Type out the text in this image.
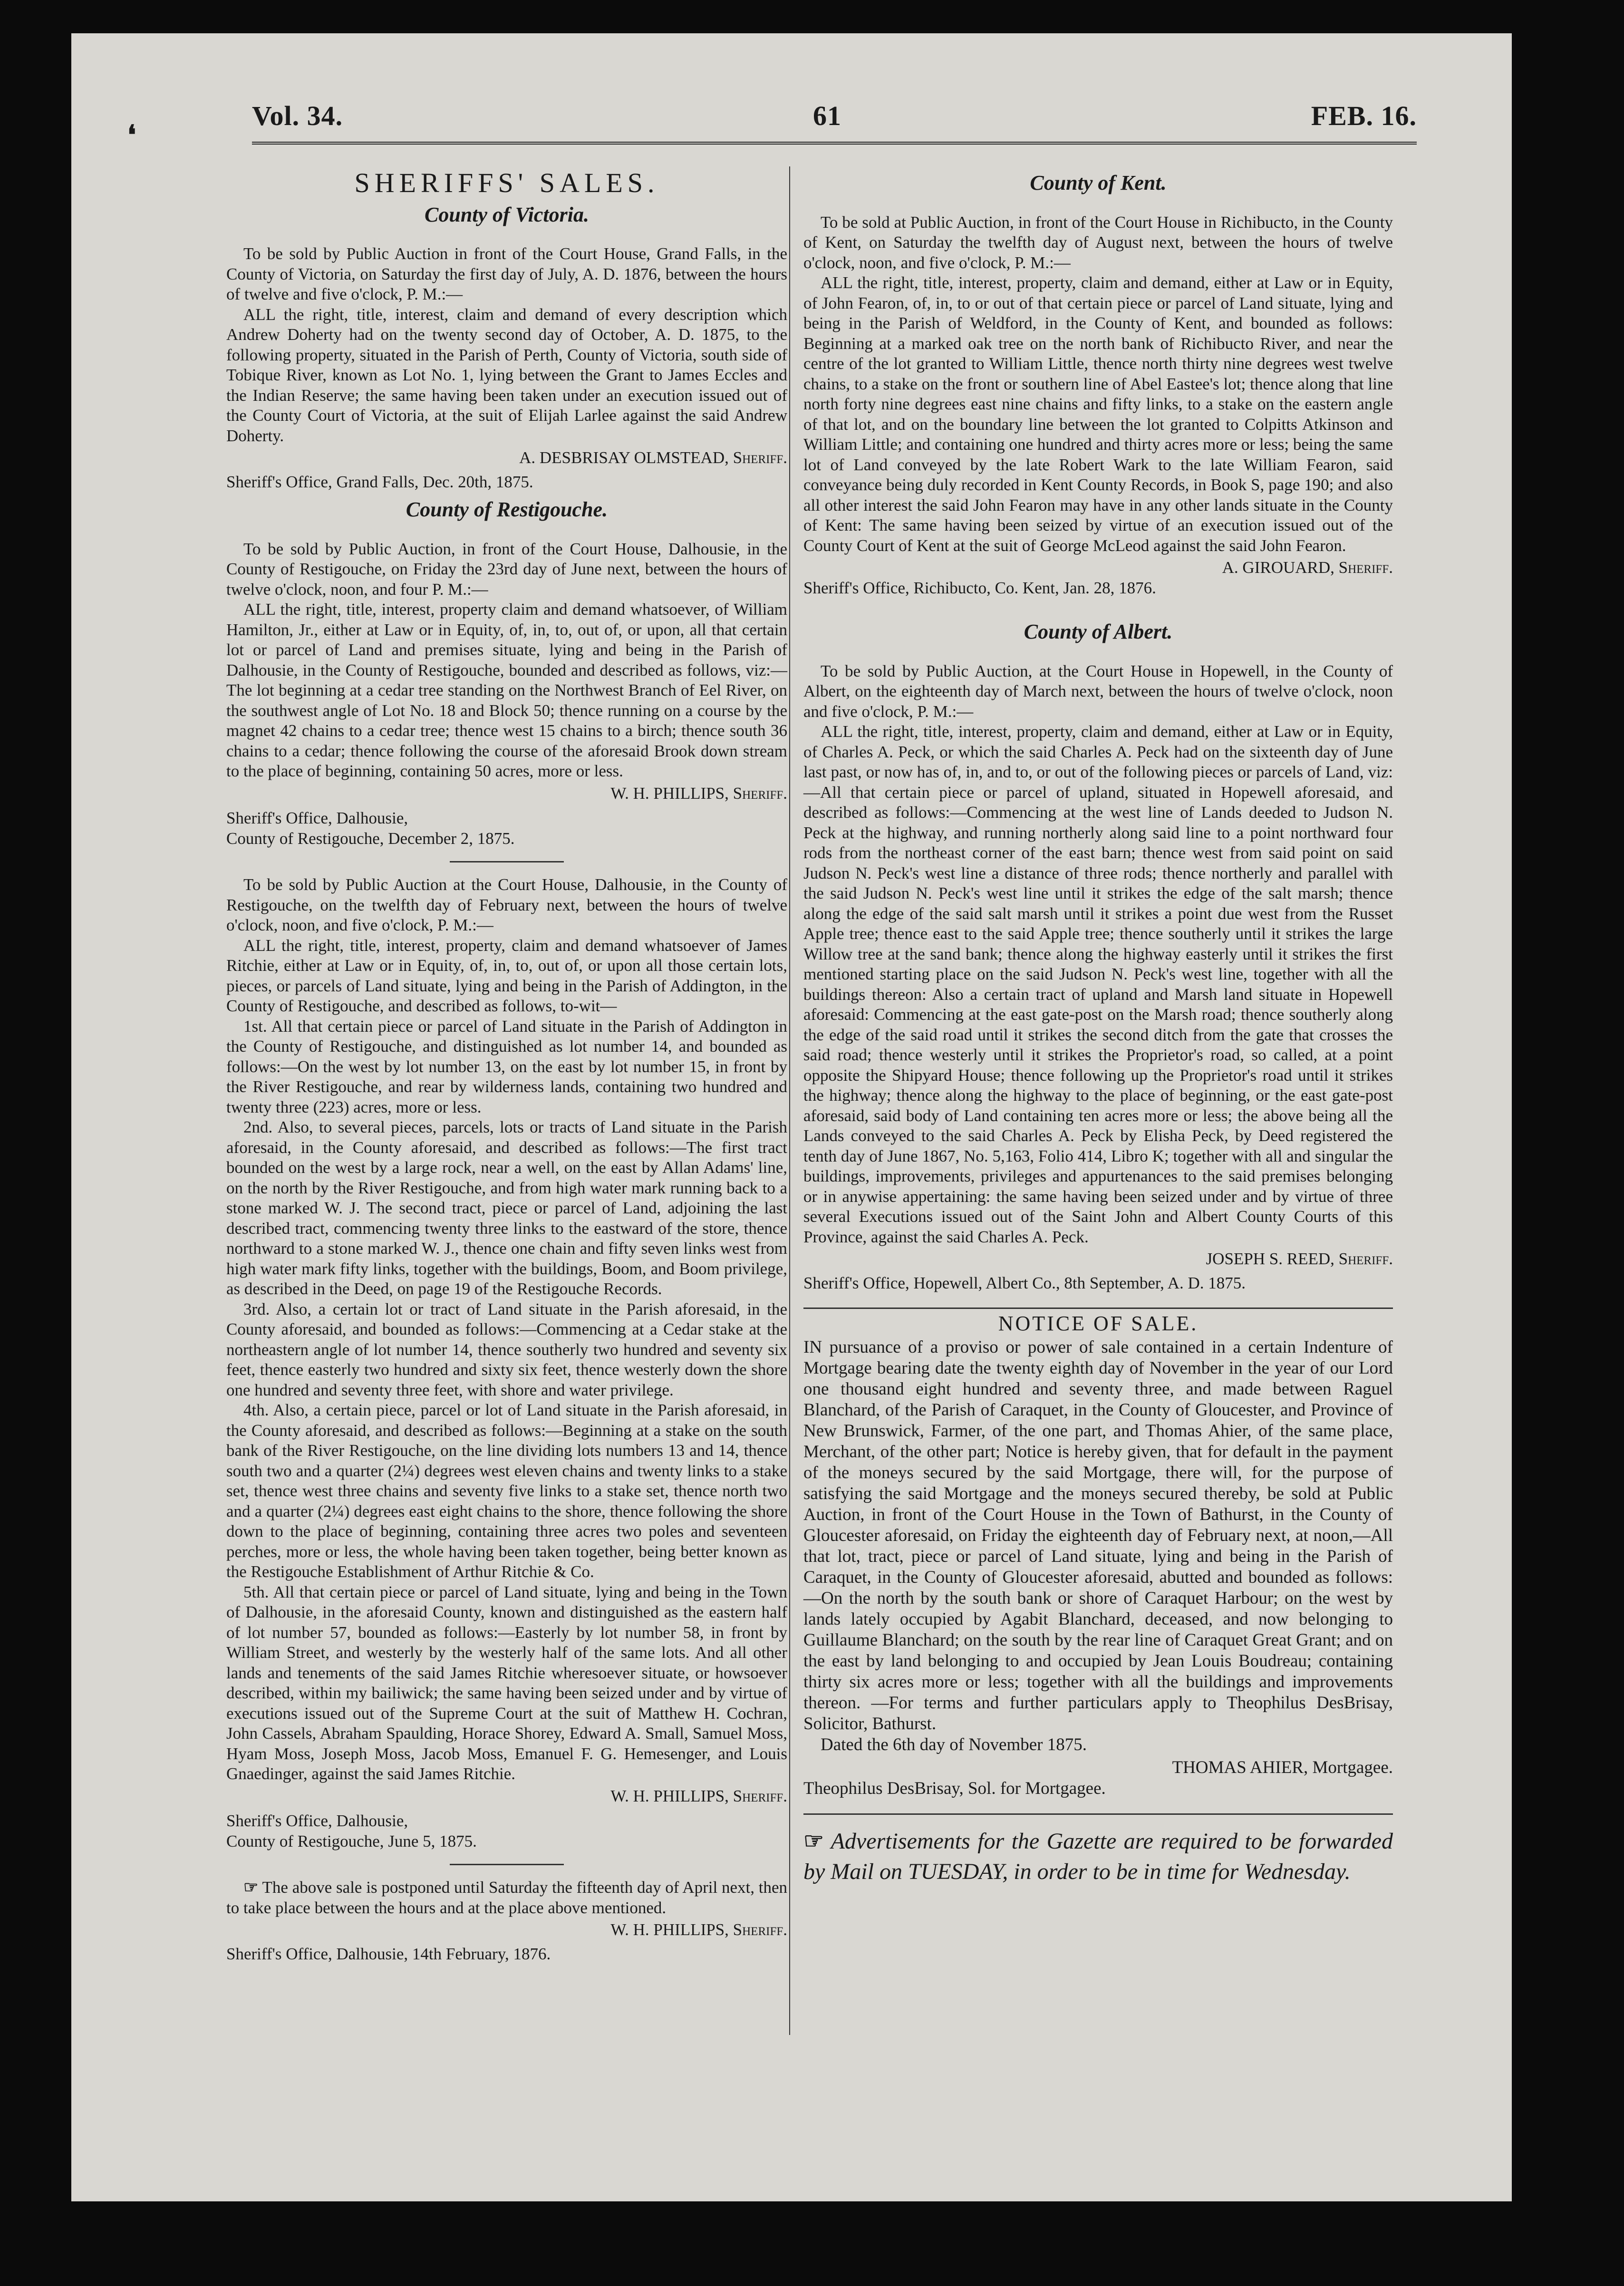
❛
Vol. 34.	61	FEB. 16.
SHERIFFS' SALES.
County of Victoria.

To be sold by Public Auction in front of the Court House, Grand Falls, in the County of Victoria, on Saturday the first day of July, A. D. 1876, between the hours of twelve and five o'clock, P. M.:—

ALL the right, title, interest, claim and demand of every description which Andrew Doherty had on the twenty second day of October, A. D. 1875, to the following property, situated in the Parish of Perth, County of Victoria, south side of Tobique River, known as Lot No. 1, lying between the Grant to James Eccles and the Indian Reserve; the same having been taken under an execution issued out of the County Court of Victoria, at the suit of Elijah Larlee against the said Andrew Doherty.

A. DESBRISAY OLMSTEAD, Sheriff.

Sheriff's Office, Grand Falls, Dec. 20th, 1875.

County of Restigouche.

To be sold by Public Auction, in front of the Court House, Dalhousie, in the County of Restigouche, on Friday the 23rd day of June next, between the hours of twelve o'clock, noon, and four P. M.:—

ALL the right, title, interest, property claim and demand whatsoever, of William Hamilton, Jr., either at Law or in Equity, of, in, to, out of, or upon, all that certain lot or parcel of Land and premises situate, lying and being in the Parish of Dalhousie, in the County of Restigouche, bounded and described as follows, viz:—The lot beginning at a cedar tree standing on the Northwest Branch of Eel River, on the southwest angle of Lot No. 18 and Block 50; thence running on a course by the magnet 42 chains to a cedar tree; thence west 15 chains to a birch; thence south 36 chains to a cedar; thence following the course of the aforesaid Brook down stream to the place of beginning, containing 50 acres, more or less.

W. H. PHILLIPS, Sheriff.

Sheriff's Office, Dalhousie,

County of Restigouche, December 2, 1875.

To be sold by Public Auction at the Court House, Dalhousie, in the County of Restigouche, on the twelfth day of February next, between the hours of twelve o'clock, noon, and five o'clock, P. M.:—

ALL the right, title, interest, property, claim and demand whatsoever of James Ritchie, either at Law or in Equity, of, in, to, out of, or upon all those certain lots, pieces, or parcels of Land situate, lying and being in the Parish of Addington, in the County of Restigouche, and described as follows, to-wit—

1st. All that certain piece or parcel of Land situate in the Parish of Addington in the County of Restigouche, and distinguished as lot number 14, and bounded as follows:—On the west by lot number 13, on the east by lot number 15, in front by the River Restigouche, and rear by wilderness lands, containing two hundred and twenty three (223) acres, more or less.

2nd. Also, to several pieces, parcels, lots or tracts of Land situate in the Parish aforesaid, in the County aforesaid, and described as follows:—The first tract bounded on the west by a large rock, near a well, on the east by Allan Adams' line, on the north by the River Restigouche, and from high water mark running back to a stone marked W. J. The second tract, piece or parcel of Land, adjoining the last described tract, commencing twenty three links to the eastward of the store, thence northward to a stone marked W. J., thence one chain and fifty seven links west from high water mark fifty links, together with the buildings, Boom, and Boom privilege, as described in the Deed, on page 19 of the Restigouche Records.

3rd. Also, a certain lot or tract of Land situate in the Parish aforesaid, in the County aforesaid, and bounded as follows:—Commencing at a Cedar stake at the northeastern angle of lot number 14, thence southerly two hundred and seventy six feet, thence easterly two hundred and sixty six feet, thence westerly down the shore one hundred and seventy three feet, with shore and water privilege.

4th. Also, a certain piece, parcel or lot of Land situate in the Parish aforesaid, in the County aforesaid, and described as follows:—Beginning at a stake on the south bank of the River Restigouche, on the line dividing lots numbers 13 and 14, thence south two and a quarter (2¼) degrees west eleven chains and twenty links to a stake set, thence west three chains and seventy five links to a stake set, thence north two and a quarter (2¼) degrees east eight chains to the shore, thence following the shore down to the place of beginning, containing three acres two poles and seventeen perches, more or less, the whole having been taken together, being better known as the Restigouche Establishment of Arthur Ritchie & Co.

5th. All that certain piece or parcel of Land situate, lying and being in the Town of Dalhousie, in the aforesaid County, known and distinguished as the eastern half of lot number 57, bounded as follows:—Easterly by lot number 58, in front by William Street, and westerly by the westerly half of the same lots. And all other lands and tenements of the said James Ritchie wheresoever situate, or howsoever described, within my bailiwick; the same having been seized under and by virtue of executions issued out of the Supreme Court at the suit of Matthew H. Cochran, John Cassels, Abraham Spaulding, Horace Shorey, Edward A. Small, Samuel Moss, Hyam Moss, Joseph Moss, Jacob Moss, Emanuel F. G. Hemesenger, and Louis Gnaedinger, against the said James Ritchie.

W. H. PHILLIPS, Sheriff.

Sheriff's Office, Dalhousie,

County of Restigouche, June 5, 1875.

☞ The above sale is postponed until Saturday the fifteenth day of April next, then to take place between the hours and at the place above mentioned.

W. H. PHILLIPS, Sheriff.

Sheriff's Office, Dalhousie, 14th February, 1876.

County of Kent.

To be sold at Public Auction, in front of the Court House in Richibucto, in the County of Kent, on Saturday the twelfth day of August next, between the hours of twelve o'clock, noon, and five o'clock, P. M.:—

ALL the right, title, interest, property, claim and demand, either at Law or in Equity, of John Fearon, of, in, to or out of that certain piece or parcel of Land situate, lying and being in the Parish of Weldford, in the County of Kent, and bounded as follows: Beginning at a marked oak tree on the north bank of Richibucto River, and near the centre of the lot granted to William Little, thence north thirty nine degrees west twelve chains, to a stake on the front or southern line of Abel Eastee's lot; thence along that line north forty nine degrees east nine chains and fifty links, to a stake on the eastern angle of that lot, and on the boundary line between the lot granted to Colpitts Atkinson and William Little; and containing one hundred and thirty acres more or less; being the same lot of Land conveyed by the late Robert Wark to the late William Fearon, said conveyance being duly recorded in Kent County Records, in Book S, page 190; and also all other interest the said John Fearon may have in any other lands situate in the County of Kent: The same having been seized by virtue of an execution issued out of the County Court of Kent at the suit of George McLeod against the said John Fearon.

A. GIROUARD, Sheriff.

Sheriff's Office, Richibucto, Co. Kent, Jan. 28, 1876.

County of Albert.

To be sold by Public Auction, at the Court House in Hopewell, in the County of Albert, on the eighteenth day of March next, between the hours of twelve o'clock, noon and five o'clock, P. M.:—

ALL the right, title, interest, property, claim and demand, either at Law or in Equity, of Charles A. Peck, or which the said Charles A. Peck had on the sixteenth day of June last past, or now has of, in, and to, or out of the following pieces or parcels of Land, viz:—All that certain piece or parcel of upland, situated in Hopewell aforesaid, and described as follows:—Commencing at the west line of Lands deeded to Judson N. Peck at the highway, and running northerly along said line to a point northward four rods from the northeast corner of the east barn; thence west from said point on said Judson N. Peck's west line a distance of three rods; thence northerly and parallel with the said Judson N. Peck's west line until it strikes the edge of the salt marsh; thence along the edge of the said salt marsh until it strikes a point due west from the Russet Apple tree; thence east to the said Apple tree; thence southerly until it strikes the large Willow tree at the sand bank; thence along the highway easterly until it strikes the first mentioned starting place on the said Judson N. Peck's west line, together with all the buildings thereon: Also a certain tract of upland and Marsh land situate in Hopewell aforesaid: Commencing at the east gate-post on the Marsh road; thence southerly along the edge of the said road until it strikes the second ditch from the gate that crosses the said road; thence westerly until it strikes the Proprietor's road, so called, at a point opposite the Shipyard House; thence following up the Proprietor's road until it strikes the highway; thence along the highway to the place of beginning, or the east gate-post aforesaid, said body of Land containing ten acres more or less; the above being all the Lands conveyed to the said Charles A. Peck by Elisha Peck, by Deed registered the tenth day of June 1867, No. 5,163, Folio 414, Libro K; together with all and singular the buildings, improvements, privileges and appurtenances to the said premises belonging or in anywise appertaining: the same having been seized under and by virtue of three several Executions issued out of the Saint John and Albert County Courts of this Province, against the said Charles A. Peck.

JOSEPH S. REED, Sheriff.

Sheriff's Office, Hopewell, Albert Co., 8th September, A. D. 1875.

NOTICE OF SALE.

IN pursuance of a proviso or power of sale contained in a certain Indenture of Mortgage bearing date the twenty eighth day of November in the year of our Lord one thousand eight hundred and seventy three, and made between Raguel Blanchard, of the Parish of Caraquet, in the County of Gloucester, and Province of New Brunswick, Farmer, of the one part, and Thomas Ahier, of the same place, Merchant, of the other part; Notice is hereby given, that for default in the payment of the moneys secured by the said Mortgage, there will, for the purpose of satisfying the said Mortgage and the moneys secured thereby, be sold at Public Auction, in front of the Court House in the Town of Bathurst, in the County of Gloucester aforesaid, on Friday the eighteenth day of February next, at noon,—All that lot, tract, piece or parcel of Land situate, lying and being in the Parish of Caraquet, in the County of Gloucester aforesaid, abutted and bounded as follows:—On the north by the south bank or shore of Caraquet Harbour; on the west by lands lately occupied by Agabit Blanchard, deceased, and now belonging to Guillaume Blanchard; on the south by the rear line of Caraquet Great Grant; and on the east by land belonging to and occupied by Jean Louis Boudreau; containing thirty six acres more or less; together with all the buildings and improvements thereon. —For terms and further particulars apply to Theophilus DesBrisay, Solicitor, Bathurst.

Dated the 6th day of November 1875.

THOMAS AHIER, Mortgagee.

Theophilus DesBrisay, Sol. for Mortgagee.

☞ Advertisements for the Gazette are required to be forwarded by Mail on TUESDAY, in order to be in time for Wednesday.
